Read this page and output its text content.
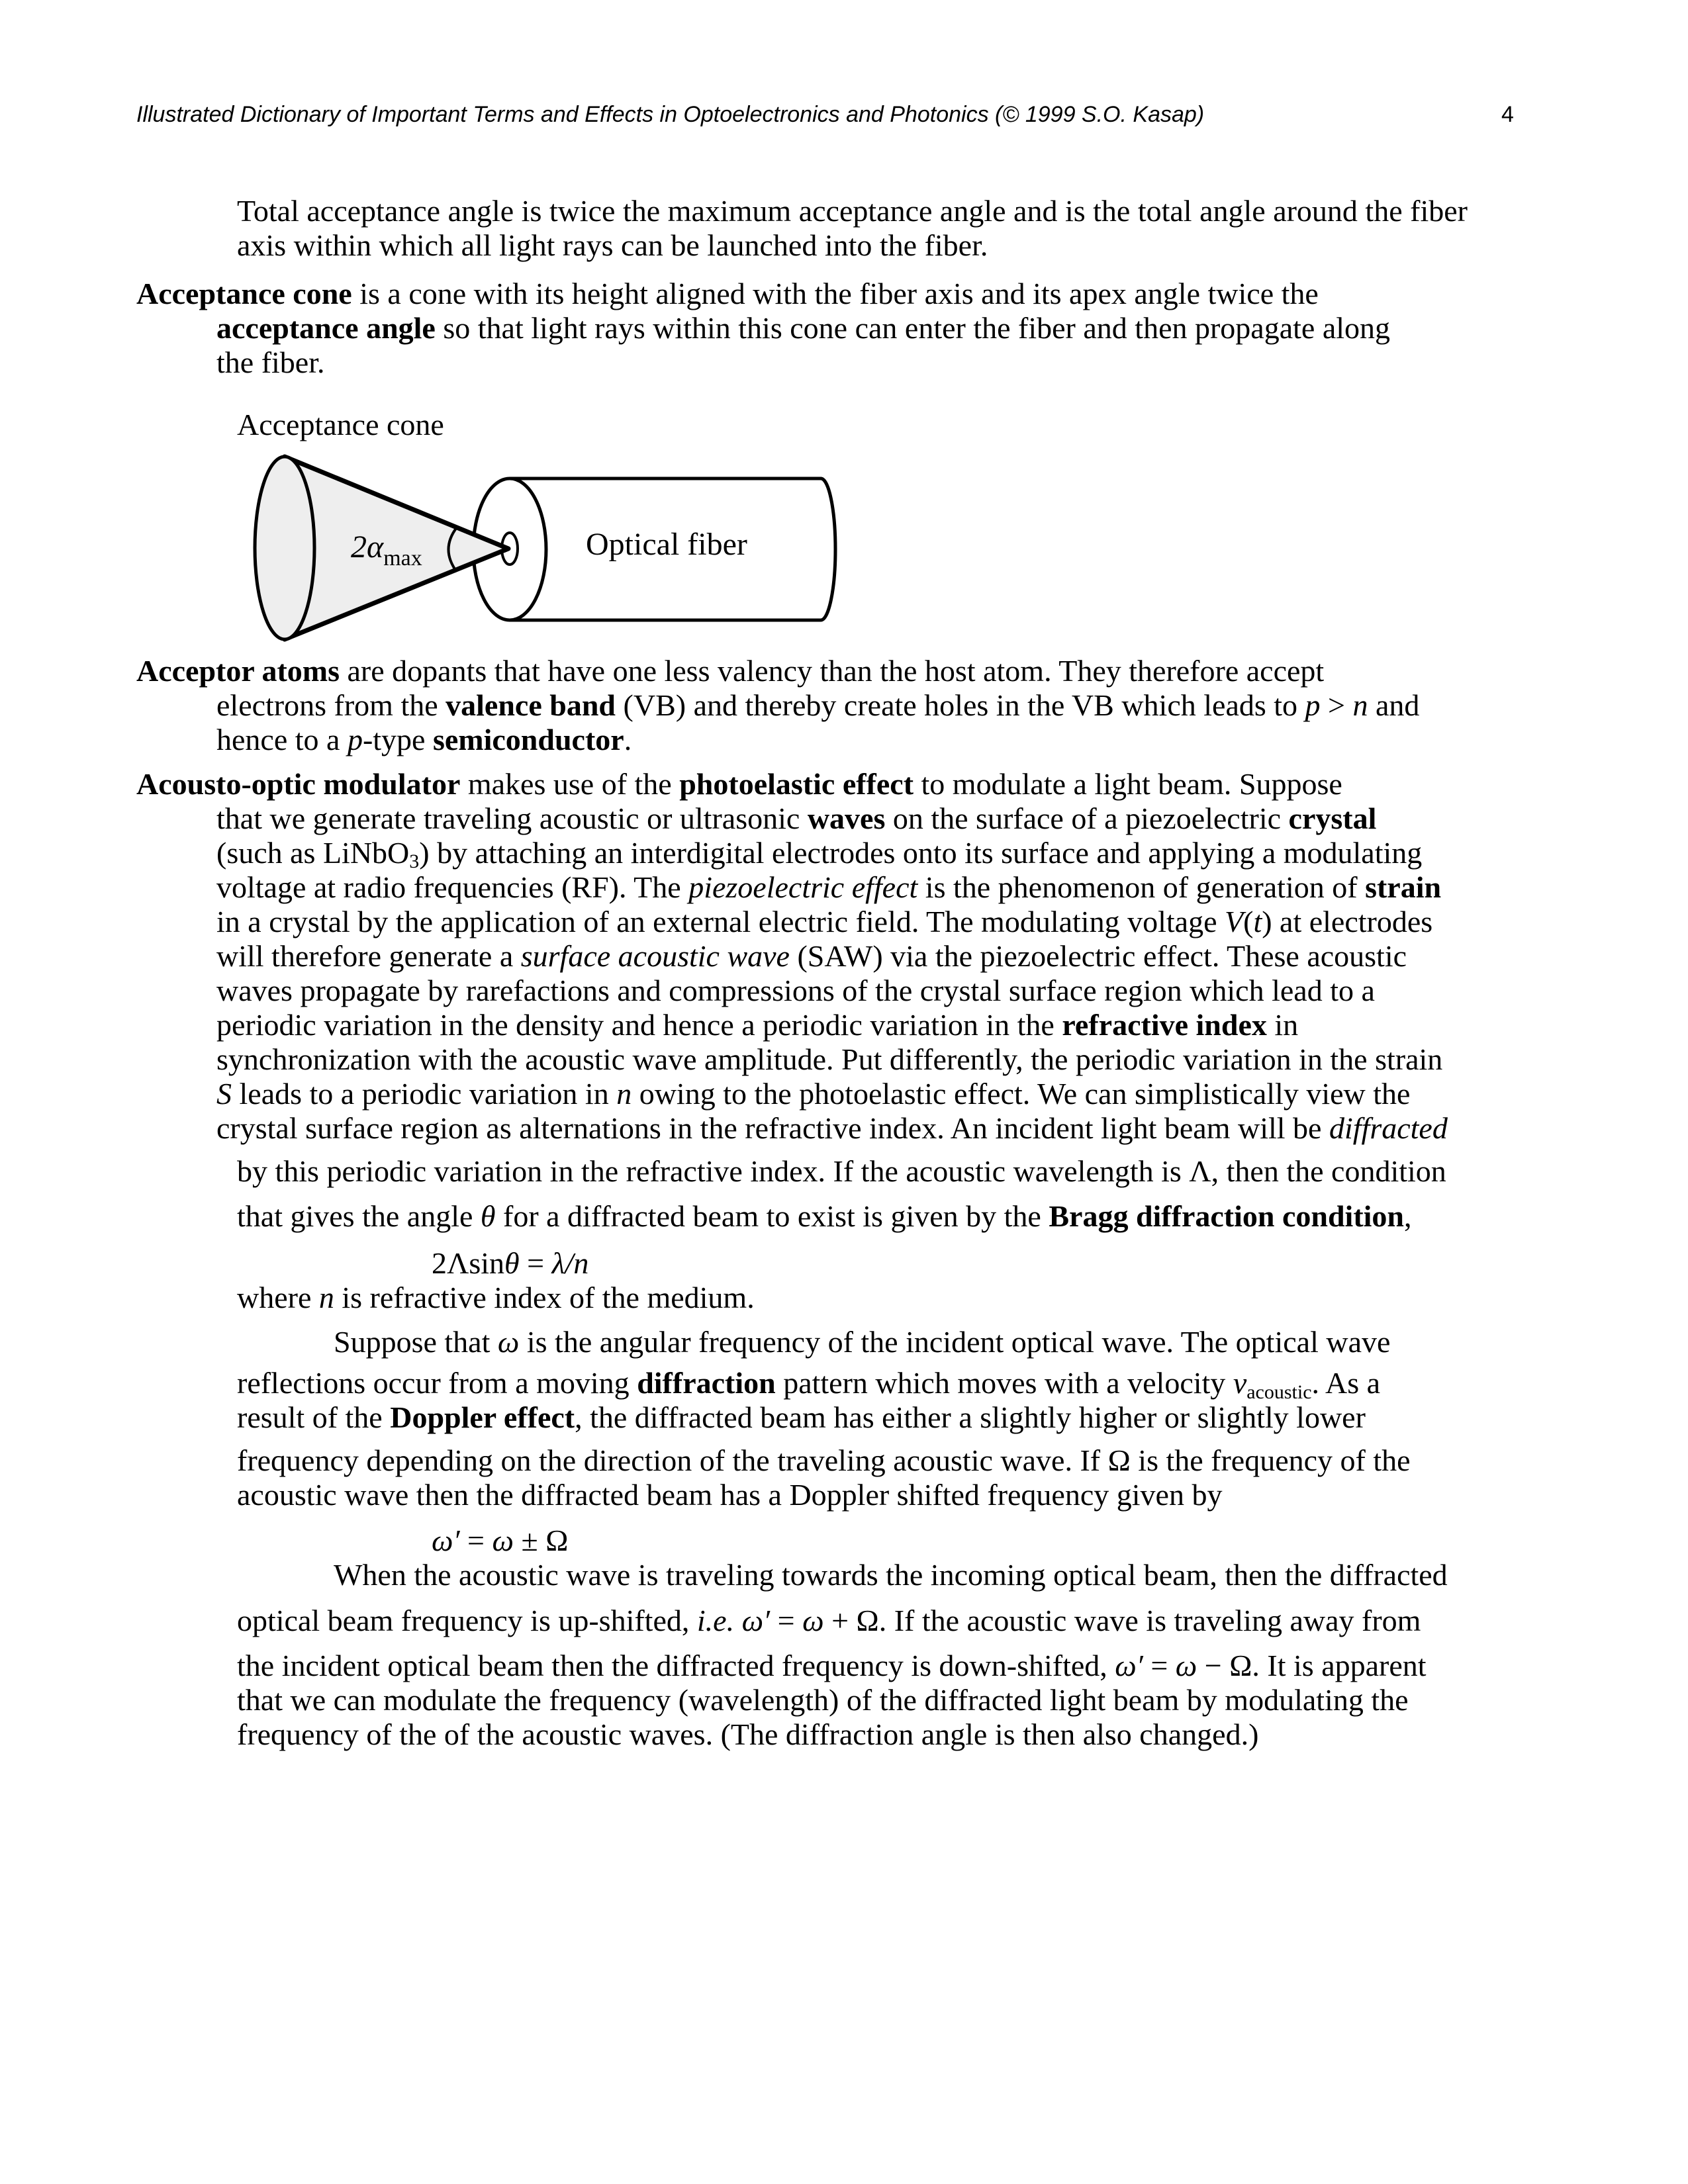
Illustrated Dictionary of Important Terms and Effects in Optoelectronics and Photonics (© 1999 S.O. Kasap)	4
Total acceptance angle is twice the maximum acceptance angle and is the total angle around the fiber
axis within which all light rays can be launched into the fiber.
Acceptance cone is a cone with its height aligned with the fiber axis and its apex angle twice the
acceptance angle so that light rays within this cone can enter the fiber and then propagate along
the fiber.
Acceptor atoms are dopants that have one less valency than the host atom. They therefore accept
electrons from the valence band (VB) and thereby create holes in the VB which leads to p > n and
hence to a p-type semiconductor.
Acousto-optic modulator makes use of the photoelastic effect to modulate a light beam. Suppose
that we generate traveling acoustic or ultrasonic waves on the surface of a piezoelectric crystal
(such as LiNbO$_3$) by attaching an interdigital electrodes onto its surface and applying a modulating
voltage at radio frequencies (RF). The piezoelectric effect is the phenomenon of generation of strain
in a crystal by the application of an external electric field. The modulating voltage V(t) at electrodes
will therefore generate a surface acoustic wave (SAW) via the piezoelectric effect. These acoustic
waves propagate by rarefactions and compressions of the crystal surface region which lead to a
periodic variation in the density and hence a periodic variation in the refractive index in
synchronization with the acoustic wave amplitude. Put differently, the periodic variation in the strain
S leads to a periodic variation in n owing to the photoelastic effect. We can simplistically view the
crystal surface region as alternations in the refractive index. An incident light beam will be diffracted
by this periodic variation in the refractive index. If the acoustic wavelength is Λ, then the condition
that gives the angle θ for a diffracted beam to exist is given by the Bragg diffraction condition,
2Λsinθ = λ/n
where n is refractive index of the medium.
Suppose that ω is the angular frequency of the incident optical wave. The optical wave
reflections occur from a moving diffraction pattern which moves with a velocity vacoustic. As a
result of the Doppler effect, the diffracted beam has either a slightly higher or slightly lower
frequency depending on the direction of the traveling acoustic wave. If Ω is the frequency of the
acoustic wave then the diffracted beam has a Doppler shifted frequency given by
ω′ = ω ± Ω
When the acoustic wave is traveling towards the incoming optical beam, then the diffracted
optical beam frequency is up-shifted, i.e. ω′ = ω + Ω. If the acoustic wave is traveling away from
the incident optical beam then the diffracted frequency is down-shifted, ω′ = ω − Ω. It is apparent
that we can modulate the frequency (wavelength) of the diffracted light beam by modulating the
frequency of the of the acoustic waves. (The diffraction angle is then also changed.)
Acceptance cone
$2\alpha_{max}$	Optical fiber
